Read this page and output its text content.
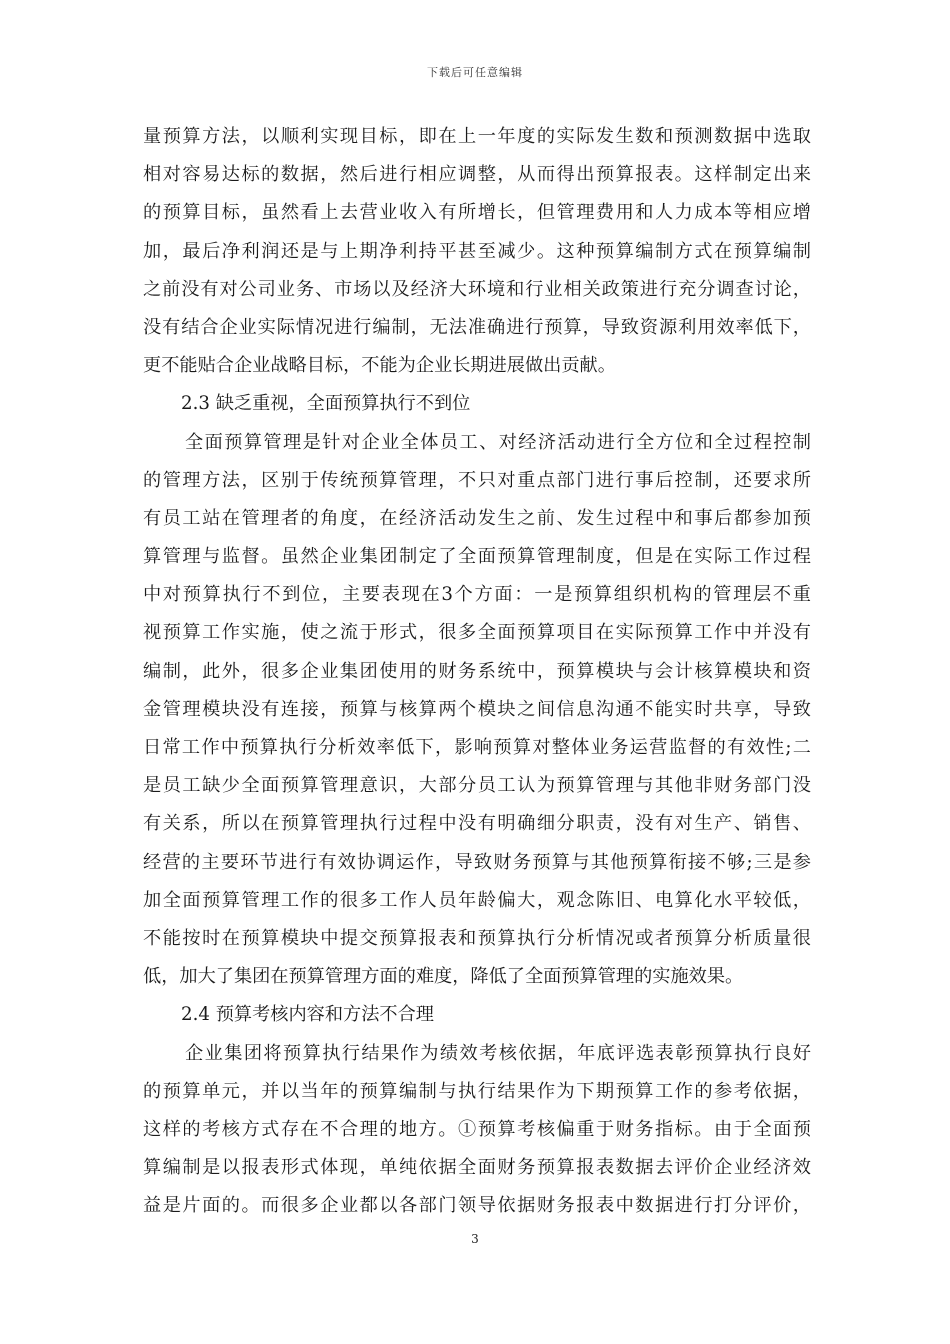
下载后可任意编辑
量预算方法，以顺利实现目标，即在上一年度的实际发生数和预测数据中选取
相对容易达标的数据，然后进行相应调整，从而得出预算报表。这样制定出来
的预算目标，虽然看上去营业收入有所增长，但管理费用和人力成本等相应增
加，最后净利润还是与上期净利持平甚至减少。这种预算编制方式在预算编制
之前没有对公司业务、市场以及经济大环境和行业相关政策进行充分调查讨论，
没有结合企业实际情况进行编制，无法准确进行预算，导致资源利用效率低下，
更不能贴合企业战略目标，不能为企业长期进展做出贡献。
2.3 缺乏重视，全面预算执行不到位
全面预算管理是针对企业全体员工、对经济活动进行全方位和全过程控制
的管理方法，区别于传统预算管理，不只对重点部门进行事后控制，还要求所
有员工站在管理者的角度，在经济活动发生之前、发生过程中和事后都参加预
算管理与监督。虽然企业集团制定了全面预算管理制度，但是在实际工作过程
中对预算执行不到位，主要表现在3个方面：一是预算组织机构的管理层不重
视预算工作实施，使之流于形式，很多全面预算项目在实际预算工作中并没有
编制，此外，很多企业集团使用的财务系统中，预算模块与会计核算模块和资
金管理模块没有连接，预算与核算两个模块之间信息沟通不能实时共享，导致
日常工作中预算执行分析效率低下，影响预算对整体业务运营监督的有效性;二
是员工缺少全面预算管理意识，大部分员工认为预算管理与其他非财务部门没
有关系，所以在预算管理执行过程中没有明确细分职责，没有对生产、销售、
经营的主要环节进行有效协调运作，导致财务预算与其他预算衔接不够;三是参
加全面预算管理工作的很多工作人员年龄偏大，观念陈旧、电算化水平较低，
不能按时在预算模块中提交预算报表和预算执行分析情况或者预算分析质量很
低，加大了集团在预算管理方面的难度，降低了全面预算管理的实施效果。
2.4 预算考核内容和方法不合理
企业集团将预算执行结果作为绩效考核依据，年底评选表彰预算执行良好
的预算单元，并以当年的预算编制与执行结果作为下期预算工作的参考依据，
这样的考核方式存在不合理的地方。①预算考核偏重于财务指标。由于全面预
算编制是以报表形式体现，单纯依据全面财务预算报表数据去评价企业经济效
益是片面的。而很多企业都以各部门领导依据财务报表中数据进行打分评价，
3
